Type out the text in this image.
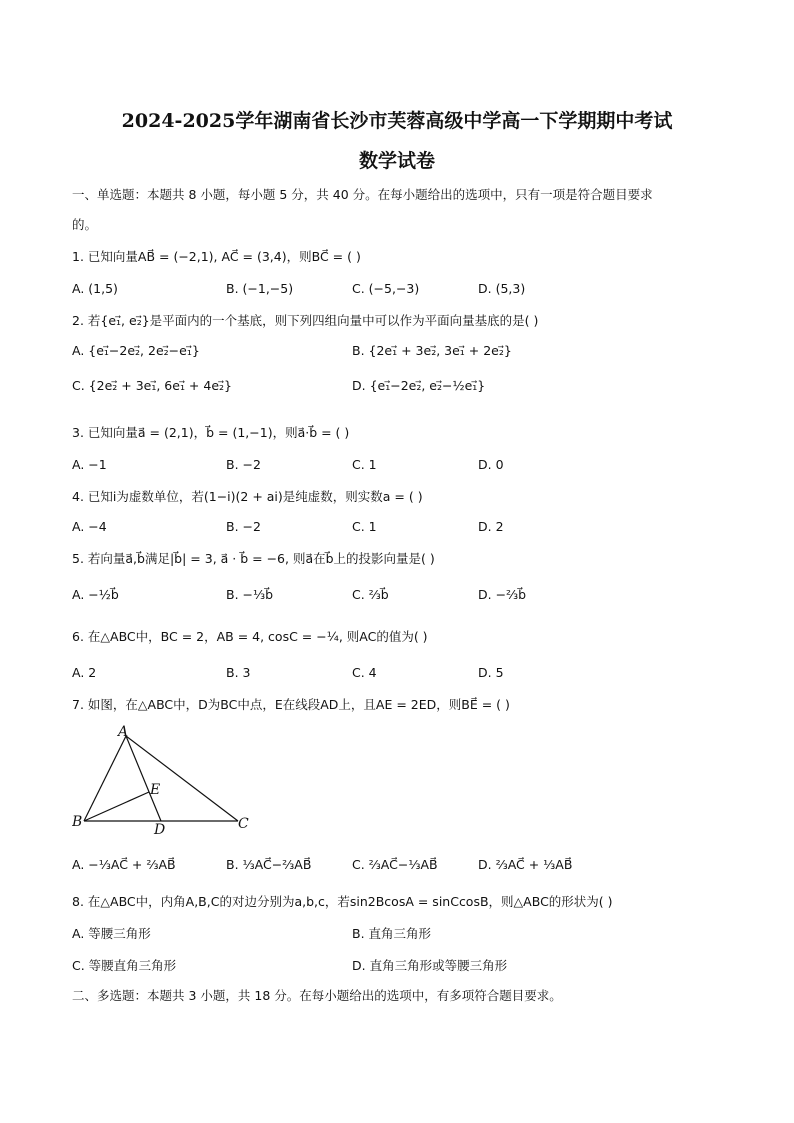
2024-2025学年湖南省长沙市芙蓉高级中学高一下学期期中考试
数学试卷
一、单选题：本题共 8 小题，每小题 5 分，共 40 分。在每小题给出的选项中，只有一项是符合题目要求
的。
1. 已知向量AB⃗ = (−2,1), AC⃗ = (3,4)，则BC⃗ = ( )
A. (1,5)	B. (−1,−5)	C. (−5,−3)	D. (5,3)
2. 若{e₁⃗, e₂⃗}是平面内的一个基底，则下列四组向量中可以作为平面向量基底的是( )
A. {e₁⃗−2e₂⃗, 2e₂⃗−e₁⃗}	B. {2e₁⃗ + 3e₂⃗, 3e₁⃗ + 2e₂⃗}
C. {2e₂⃗ + 3e₁⃗, 6e₁⃗ + 4e₂⃗}	D. {e₁⃗−2e₂⃗, e₂⃗−½e₁⃗}
3. 已知向量a⃗ = (2,1)，b⃗ = (1,−1)，则a⃗·b⃗ = ( )
A. −1	B. −2	C. 1	D. 0
4. 已知i为虚数单位，若(1−i)(2 + ai)是纯虚数，则实数a = ( )
A. −4	B. −2	C. 1	D. 2
5. 若向量a⃗,b⃗满足|b⃗| = 3, a⃗ · b⃗ = −6, 则a⃗在b⃗上的投影向量是( )
A. −½b⃗	B. −⅓b⃗	C. ⅔b⃗	D. −⅔b⃗
6. 在△ABC中，BC = 2，AB = 4, cosC = −¼, 则AC的值为( )
A. 2	B. 3	C. 4	D. 5
7. 如图，在△ABC中，D为BC中点，E在线段AD上，且AE = 2ED，则BE⃗ = ( )
A
B	C
D
E
A. −⅓AC⃗ + ⅔AB⃗	B. ⅓AC⃗−⅔AB⃗	C. ⅔AC⃗−⅓AB⃗	D. ⅔AC⃗ + ⅓AB⃗
8. 在△ABC中，内角A,B,C的对边分别为a,b,c，若sin2BcosA = sinCcosB，则△ABC的形状为( )
A. 等腰三角形	B. 直角三角形
C. 等腰直角三角形	D. 直角三角形或等腰三角形
二、多选题：本题共 3 小题，共 18 分。在每小题给出的选项中，有多项符合题目要求。
